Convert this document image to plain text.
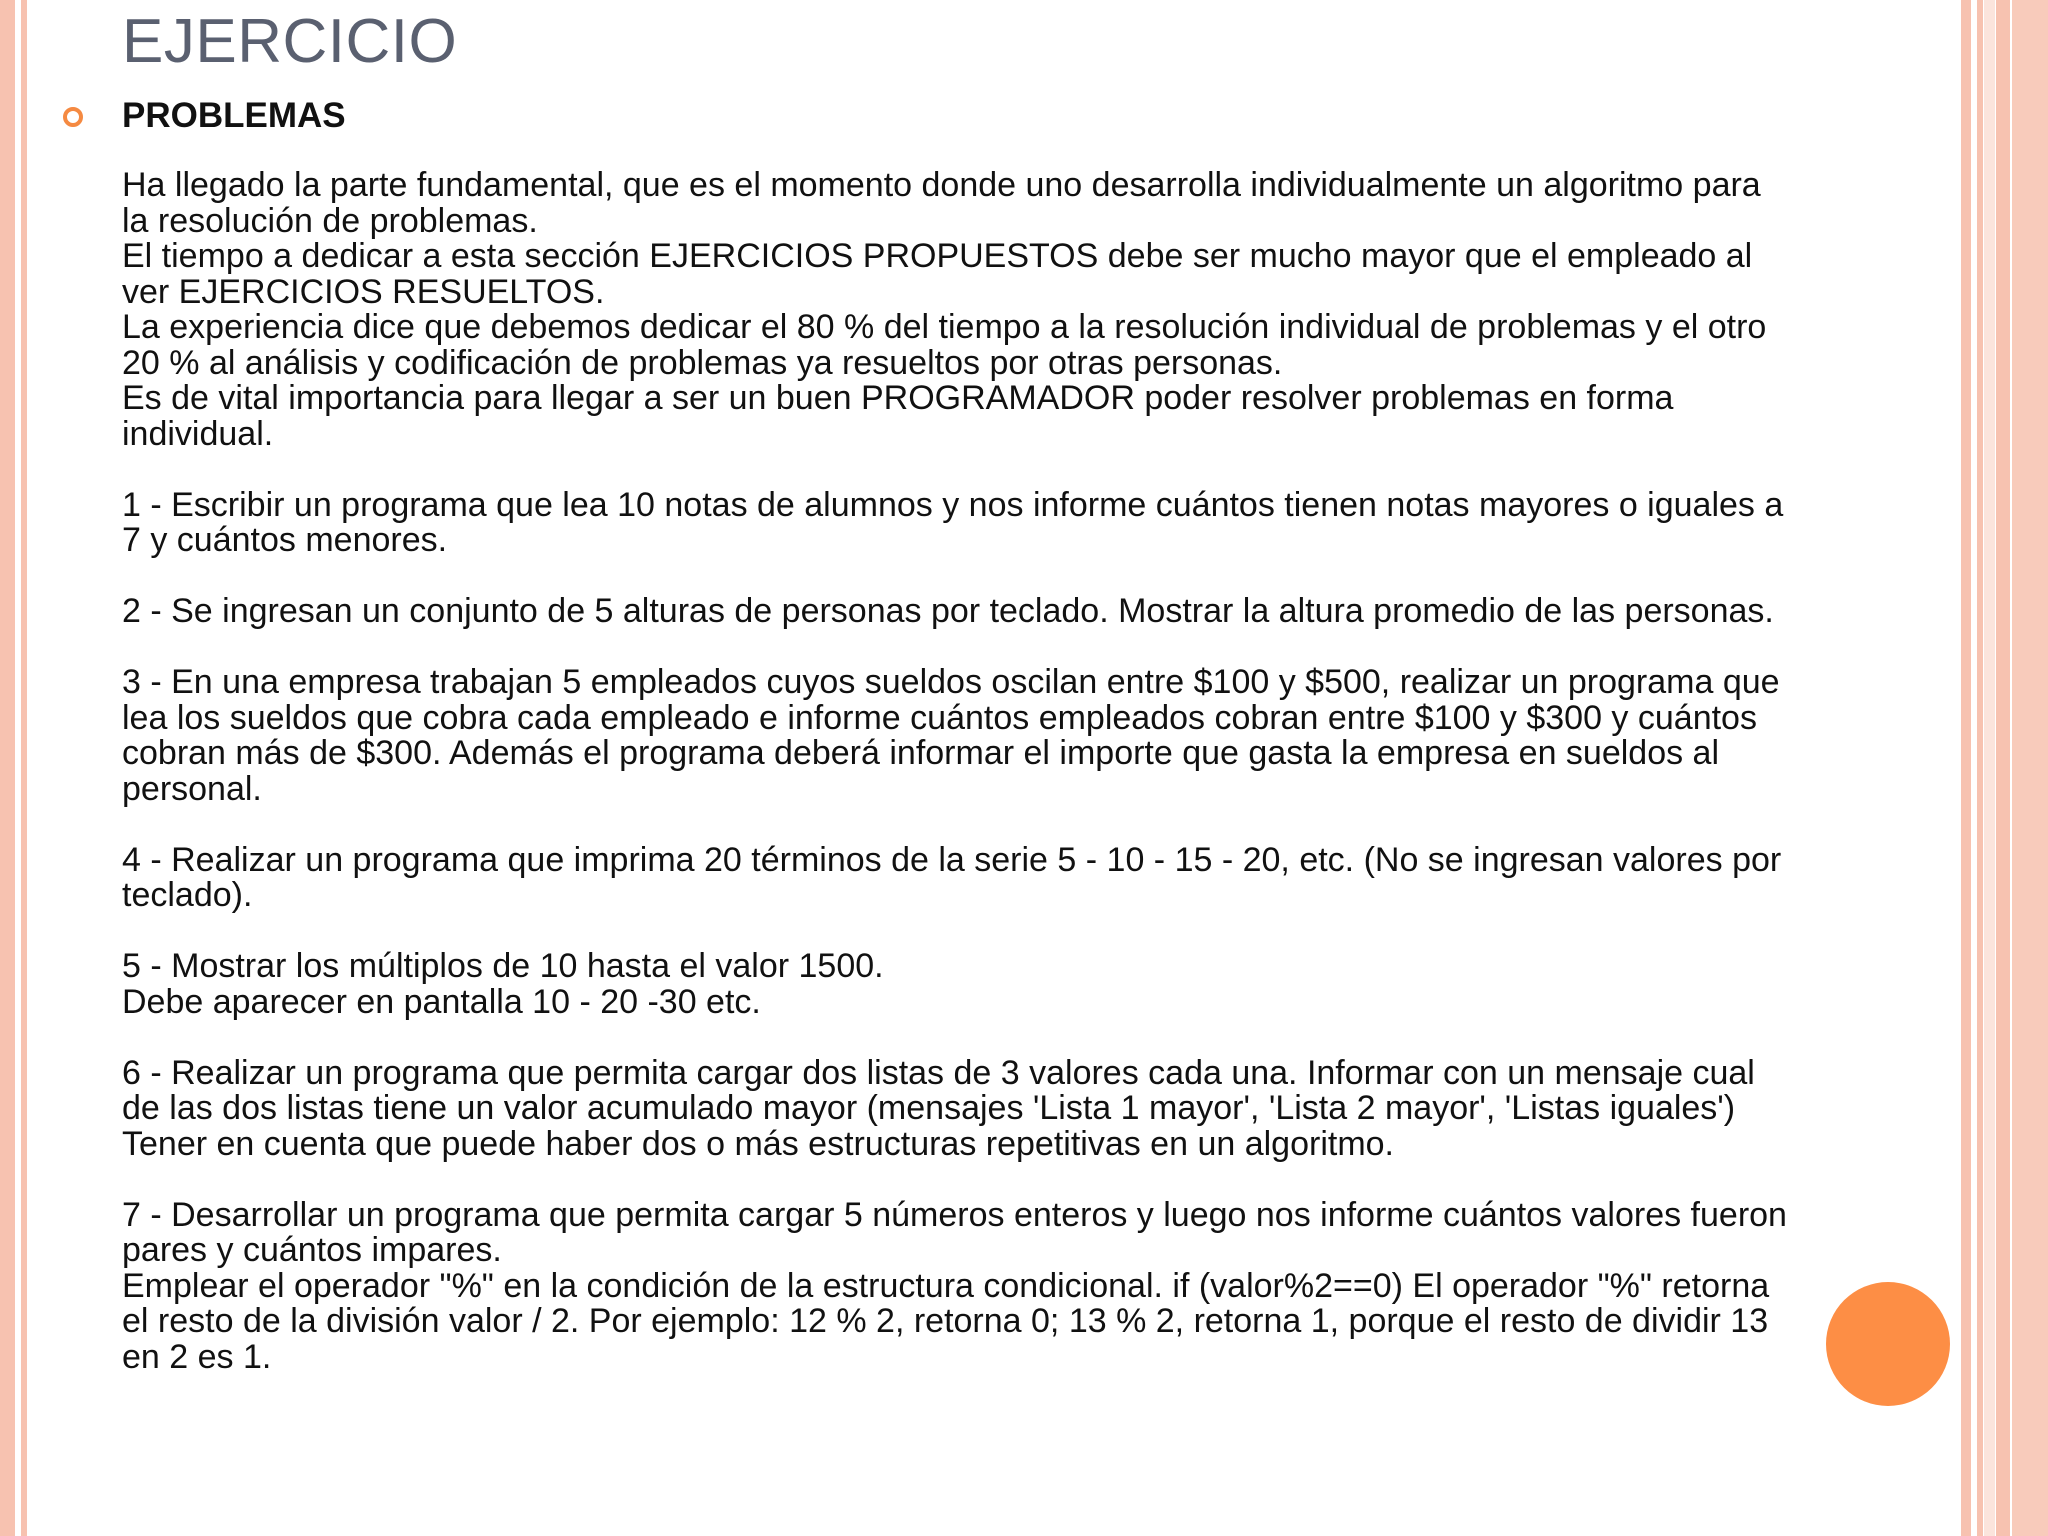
EJERCICIO
PROBLEMAS
Ha llegado la parte fundamental, que es el momento donde uno desarrolla individualmente un algoritmo para
la resolución de problemas.
El tiempo a dedicar a esta sección EJERCICIOS PROPUESTOS debe ser mucho mayor que el empleado al
ver EJERCICIOS RESUELTOS.
La experiencia dice que debemos dedicar el 80 % del tiempo a la resolución individual de problemas y el otro
20 % al análisis y codificación de problemas ya resueltos por otras personas.
Es de vital importancia para llegar a ser un buen PROGRAMADOR poder resolver problemas en forma
individual.

1 - Escribir un programa que lea 10 notas de alumnos y nos informe cuántos tienen notas mayores o iguales a
7 y cuántos menores.

2 - Se ingresan un conjunto de 5 alturas de personas por teclado. Mostrar la altura promedio de las personas.

3 - En una empresa trabajan 5 empleados cuyos sueldos oscilan entre $100 y $500, realizar un programa que
lea los sueldos que cobra cada empleado e informe cuántos empleados cobran entre $100 y $300 y cuántos
cobran más de $300. Además el programa deberá informar el importe que gasta la empresa en sueldos al
personal.

4 - Realizar un programa que imprima 20 términos de la serie 5 - 10 - 15 - 20, etc. (No se ingresan valores por
teclado).

5 - Mostrar los múltiplos de 10 hasta el valor 1500.
Debe aparecer en pantalla 10 - 20 -30 etc.

6 - Realizar un programa que permita cargar dos listas de 3 valores cada una. Informar con un mensaje cual
de las dos listas tiene un valor acumulado mayor (mensajes 'Lista 1 mayor', 'Lista 2 mayor', 'Listas iguales')
Tener en cuenta que puede haber dos o más estructuras repetitivas en un algoritmo.

7 - Desarrollar un programa que permita cargar 5 números enteros y luego nos informe cuántos valores fueron
pares y cuántos impares.
Emplear el operador "%" en la condición de la estructura condicional. if (valor%2==0) El operador "%" retorna
el resto de la división valor / 2. Por ejemplo: 12 % 2, retorna 0; 13 % 2, retorna 1, porque el resto de dividir 13
en 2 es 1.
